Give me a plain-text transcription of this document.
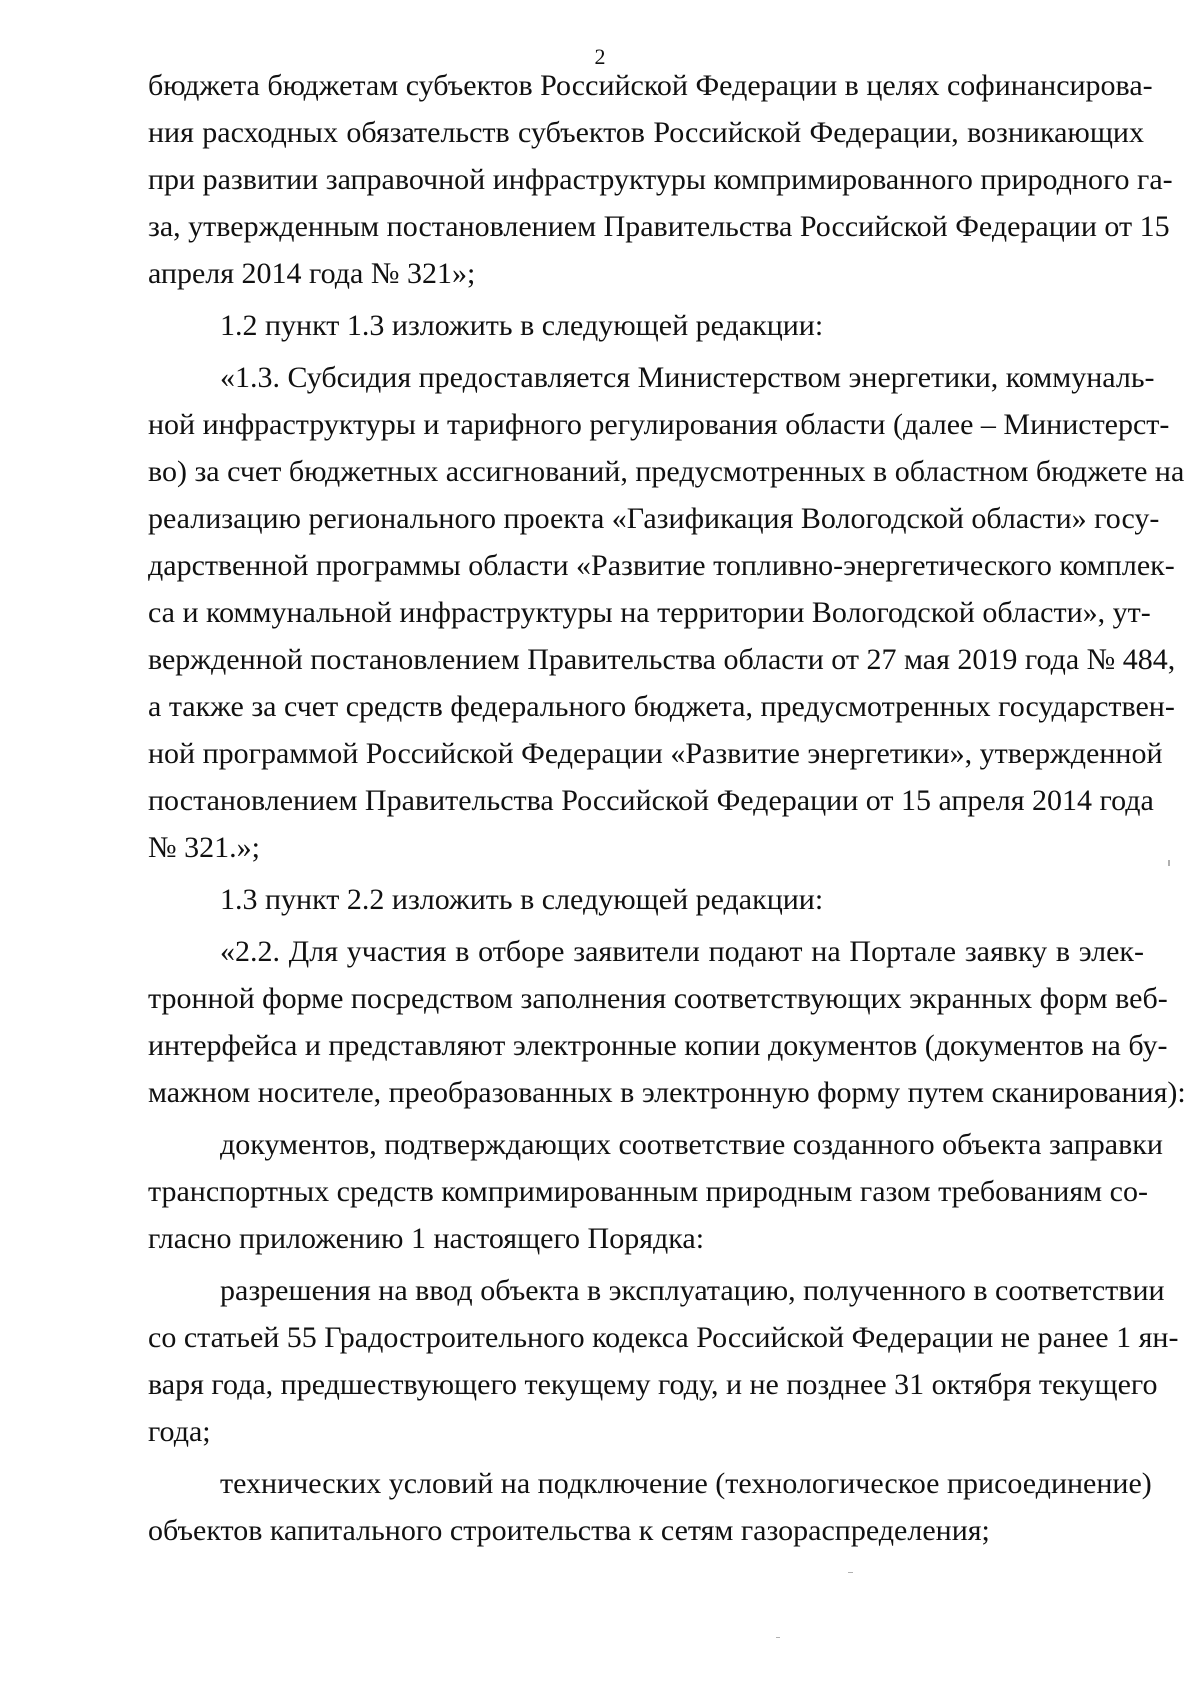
2
бюджета бюджетам субъектов Российской Федерации в целях софинансирова-
ния расходных обязательств субъектов Российской Федерации, возникающих
при развитии заправочной инфраструктуры компримированного природного га-
за, утвержденным постановлением Правительства Российской Федерации от 15
апреля 2014 года № 321»;
1.2 пункт 1.3 изложить в следующей редакции:
«1.3. Субсидия предоставляется Министерством энергетики, коммуналь-
ной инфраструктуры и тарифного регулирования области (далее – Министерст-
во) за счет бюджетных ассигнований, предусмотренных в областном бюджете на
реализацию регионального проекта «Газификация Вологодской области» госу-
дарственной программы области «Развитие топливно-энергетического комплек-
са и коммунальной инфраструктуры на территории Вологодской области», ут-
вержденной постановлением Правительства области от 27 мая 2019 года № 484,
а также за счет средств федерального бюджета, предусмотренных государствен-
ной программой Российской Федерации «Развитие энергетики», утвержденной
постановлением Правительства Российской Федерации от 15 апреля 2014 года
№ 321.»;
1.3 пункт 2.2 изложить в следующей редакции:
«2.2. Для участия в отборе заявители подают на Портале заявку в элек-
тронной форме посредством заполнения соответствующих экранных форм веб-
интерфейса и представляют электронные копии документов (документов на бу-
мажном носителе, преобразованных в электронную форму путем сканирования):
документов, подтверждающих соответствие созданного объекта заправки
транспортных средств компримированным природным газом требованиям со-
гласно приложению 1 настоящего Порядка:
разрешения на ввод объекта в эксплуатацию, полученного в соответствии
со статьей 55 Градостроительного кодекса Российской Федерации не ранее 1 ян-
варя года, предшествующего текущему году, и не позднее 31 октября текущего
года;
технических условий на подключение (технологическое присоединение)
объектов капитального строительства к сетям газораспределения;
